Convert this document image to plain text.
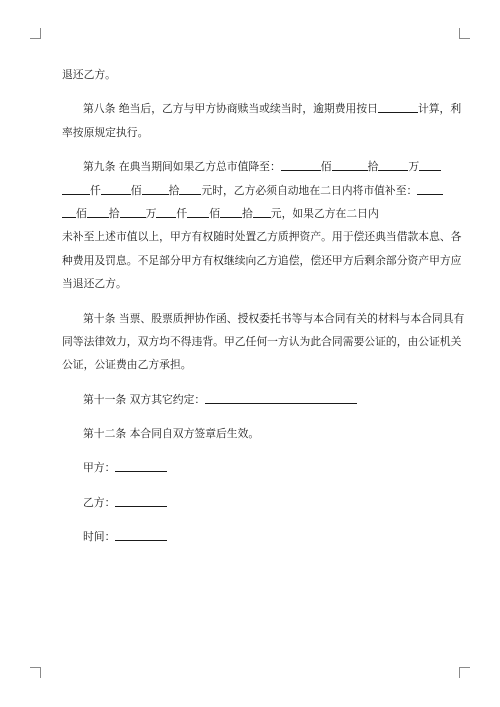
退还乙方。
第八条 绝当后，乙方与甲方协商赎当或续当时，逾期费用按日	计算，利
率按原规定执行。
第九条 在典当期间如果乙方总市值降至：	佰	拾	万
仟	佰	拾 元时，乙方必须自动地在二日内将市值补至：
佰 拾 万 仟 佰 拾 元，如果乙方在二日内
未补至上述市值以上，甲方有权随时处置乙方质押资产。用于偿还典当借款本息、各
种费用及罚息。不足部分甲方有权继续向乙方追偿，偿还甲方后剩余部分资产甲方应
当退还乙方。
第十条 当票、股票质押协作函、授权委托书等与本合同有关的材料与本合同具有
同等法律效力，双方均不得违背。甲乙任何一方认为此合同需要公证的，由公证机关
公证，公证费由乙方承担。
第十一条 双方其它约定：
第十二条 本合同自双方签章后生效。
甲方：
乙方：
时间：
